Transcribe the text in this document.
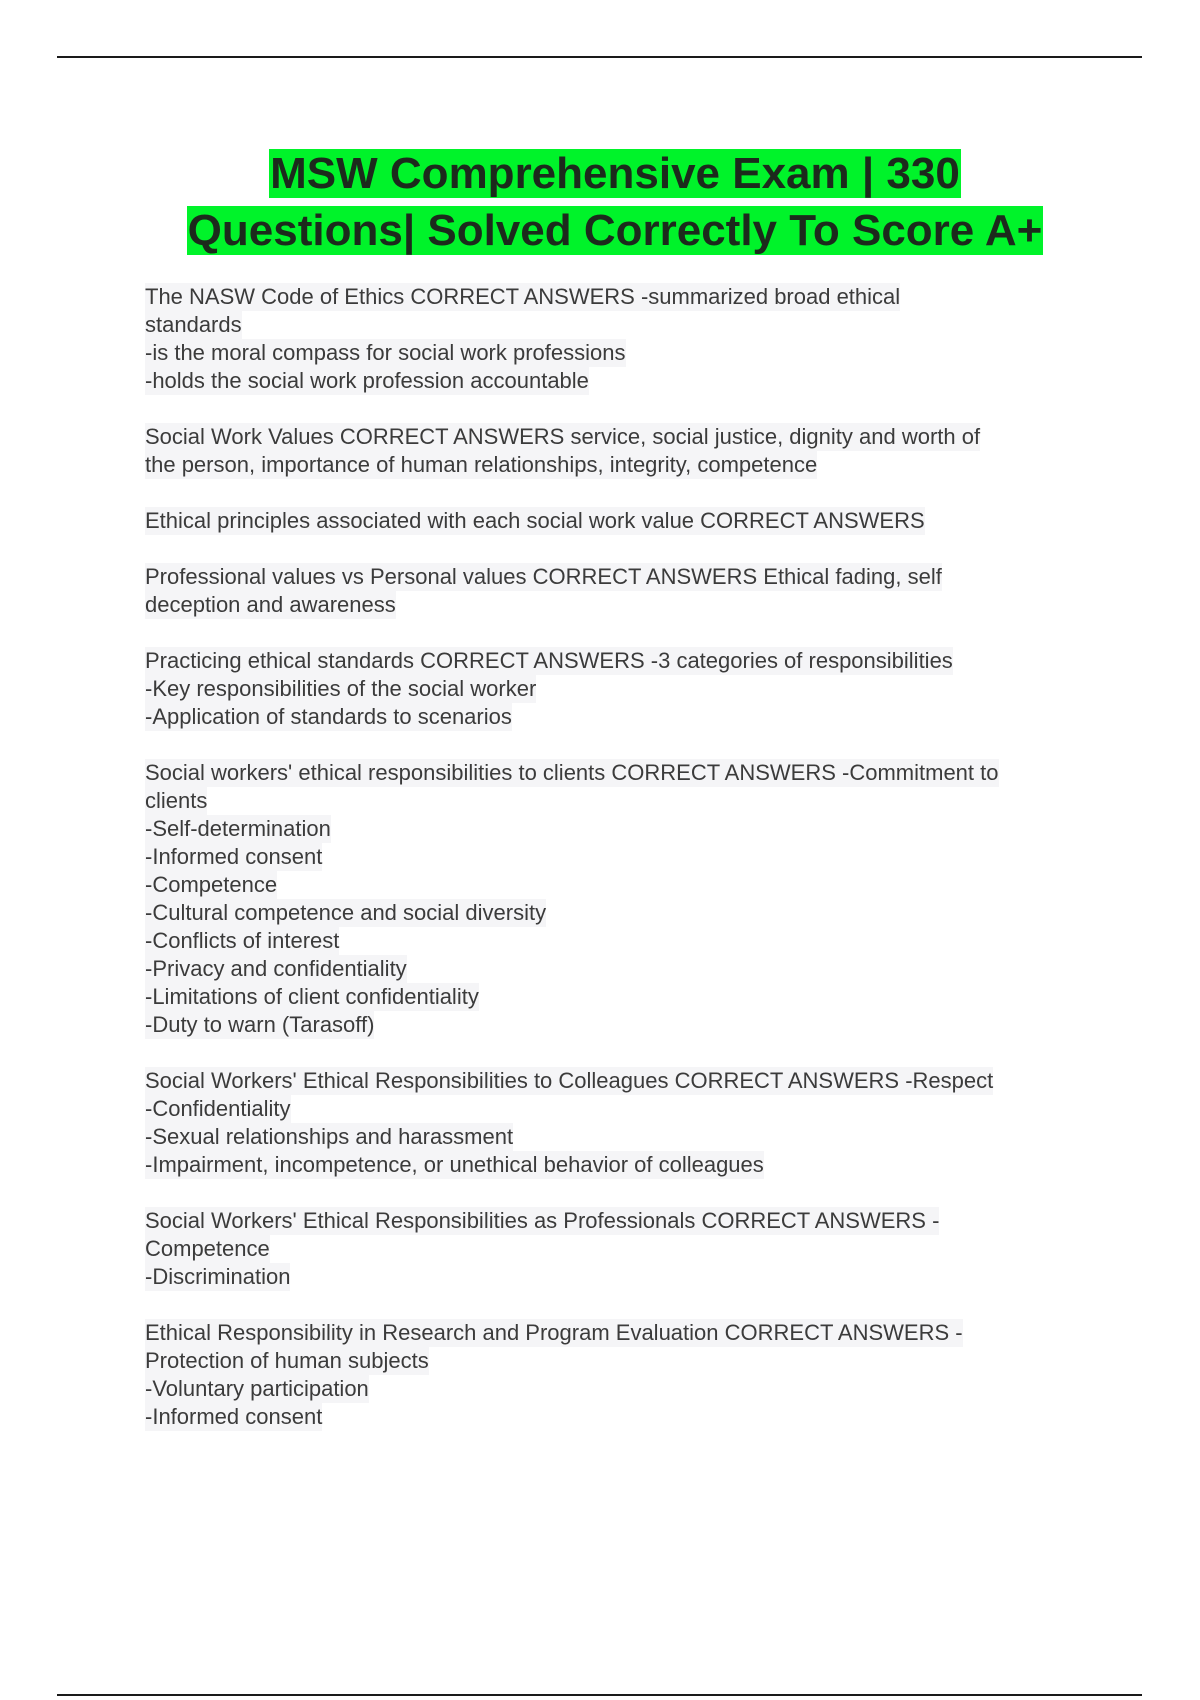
MSW Comprehensive Exam | 330
Questions| Solved Correctly To Score A+
The NASW Code of Ethics CORRECT ANSWERS -summarized broad ethical
standards
-is the moral compass for social work professions
-holds the social work profession accountable
Social Work Values CORRECT ANSWERS service, social justice, dignity and worth of
the person, importance of human relationships, integrity, competence
Ethical principles associated with each social work value CORRECT ANSWERS
Professional values vs Personal values CORRECT ANSWERS Ethical fading, self
deception and awareness
Practicing ethical standards CORRECT ANSWERS -3 categories of responsibilities
-Key responsibilities of the social worker
-Application of standards to scenarios
Social workers' ethical responsibilities to clients CORRECT ANSWERS -Commitment to
clients
-Self-determination
-Informed consent
-Competence
-Cultural competence and social diversity
-Conflicts of interest
-Privacy and confidentiality
-Limitations of client confidentiality
-Duty to warn (Tarasoff)
Social Workers' Ethical Responsibilities to Colleagues CORRECT ANSWERS -Respect
-Confidentiality
-Sexual relationships and harassment
-Impairment, incompetence, or unethical behavior of colleagues
Social Workers' Ethical Responsibilities as Professionals CORRECT ANSWERS -
Competence
-Discrimination
Ethical Responsibility in Research and Program Evaluation CORRECT ANSWERS -
Protection of human subjects
-Voluntary participation
-Informed consent
